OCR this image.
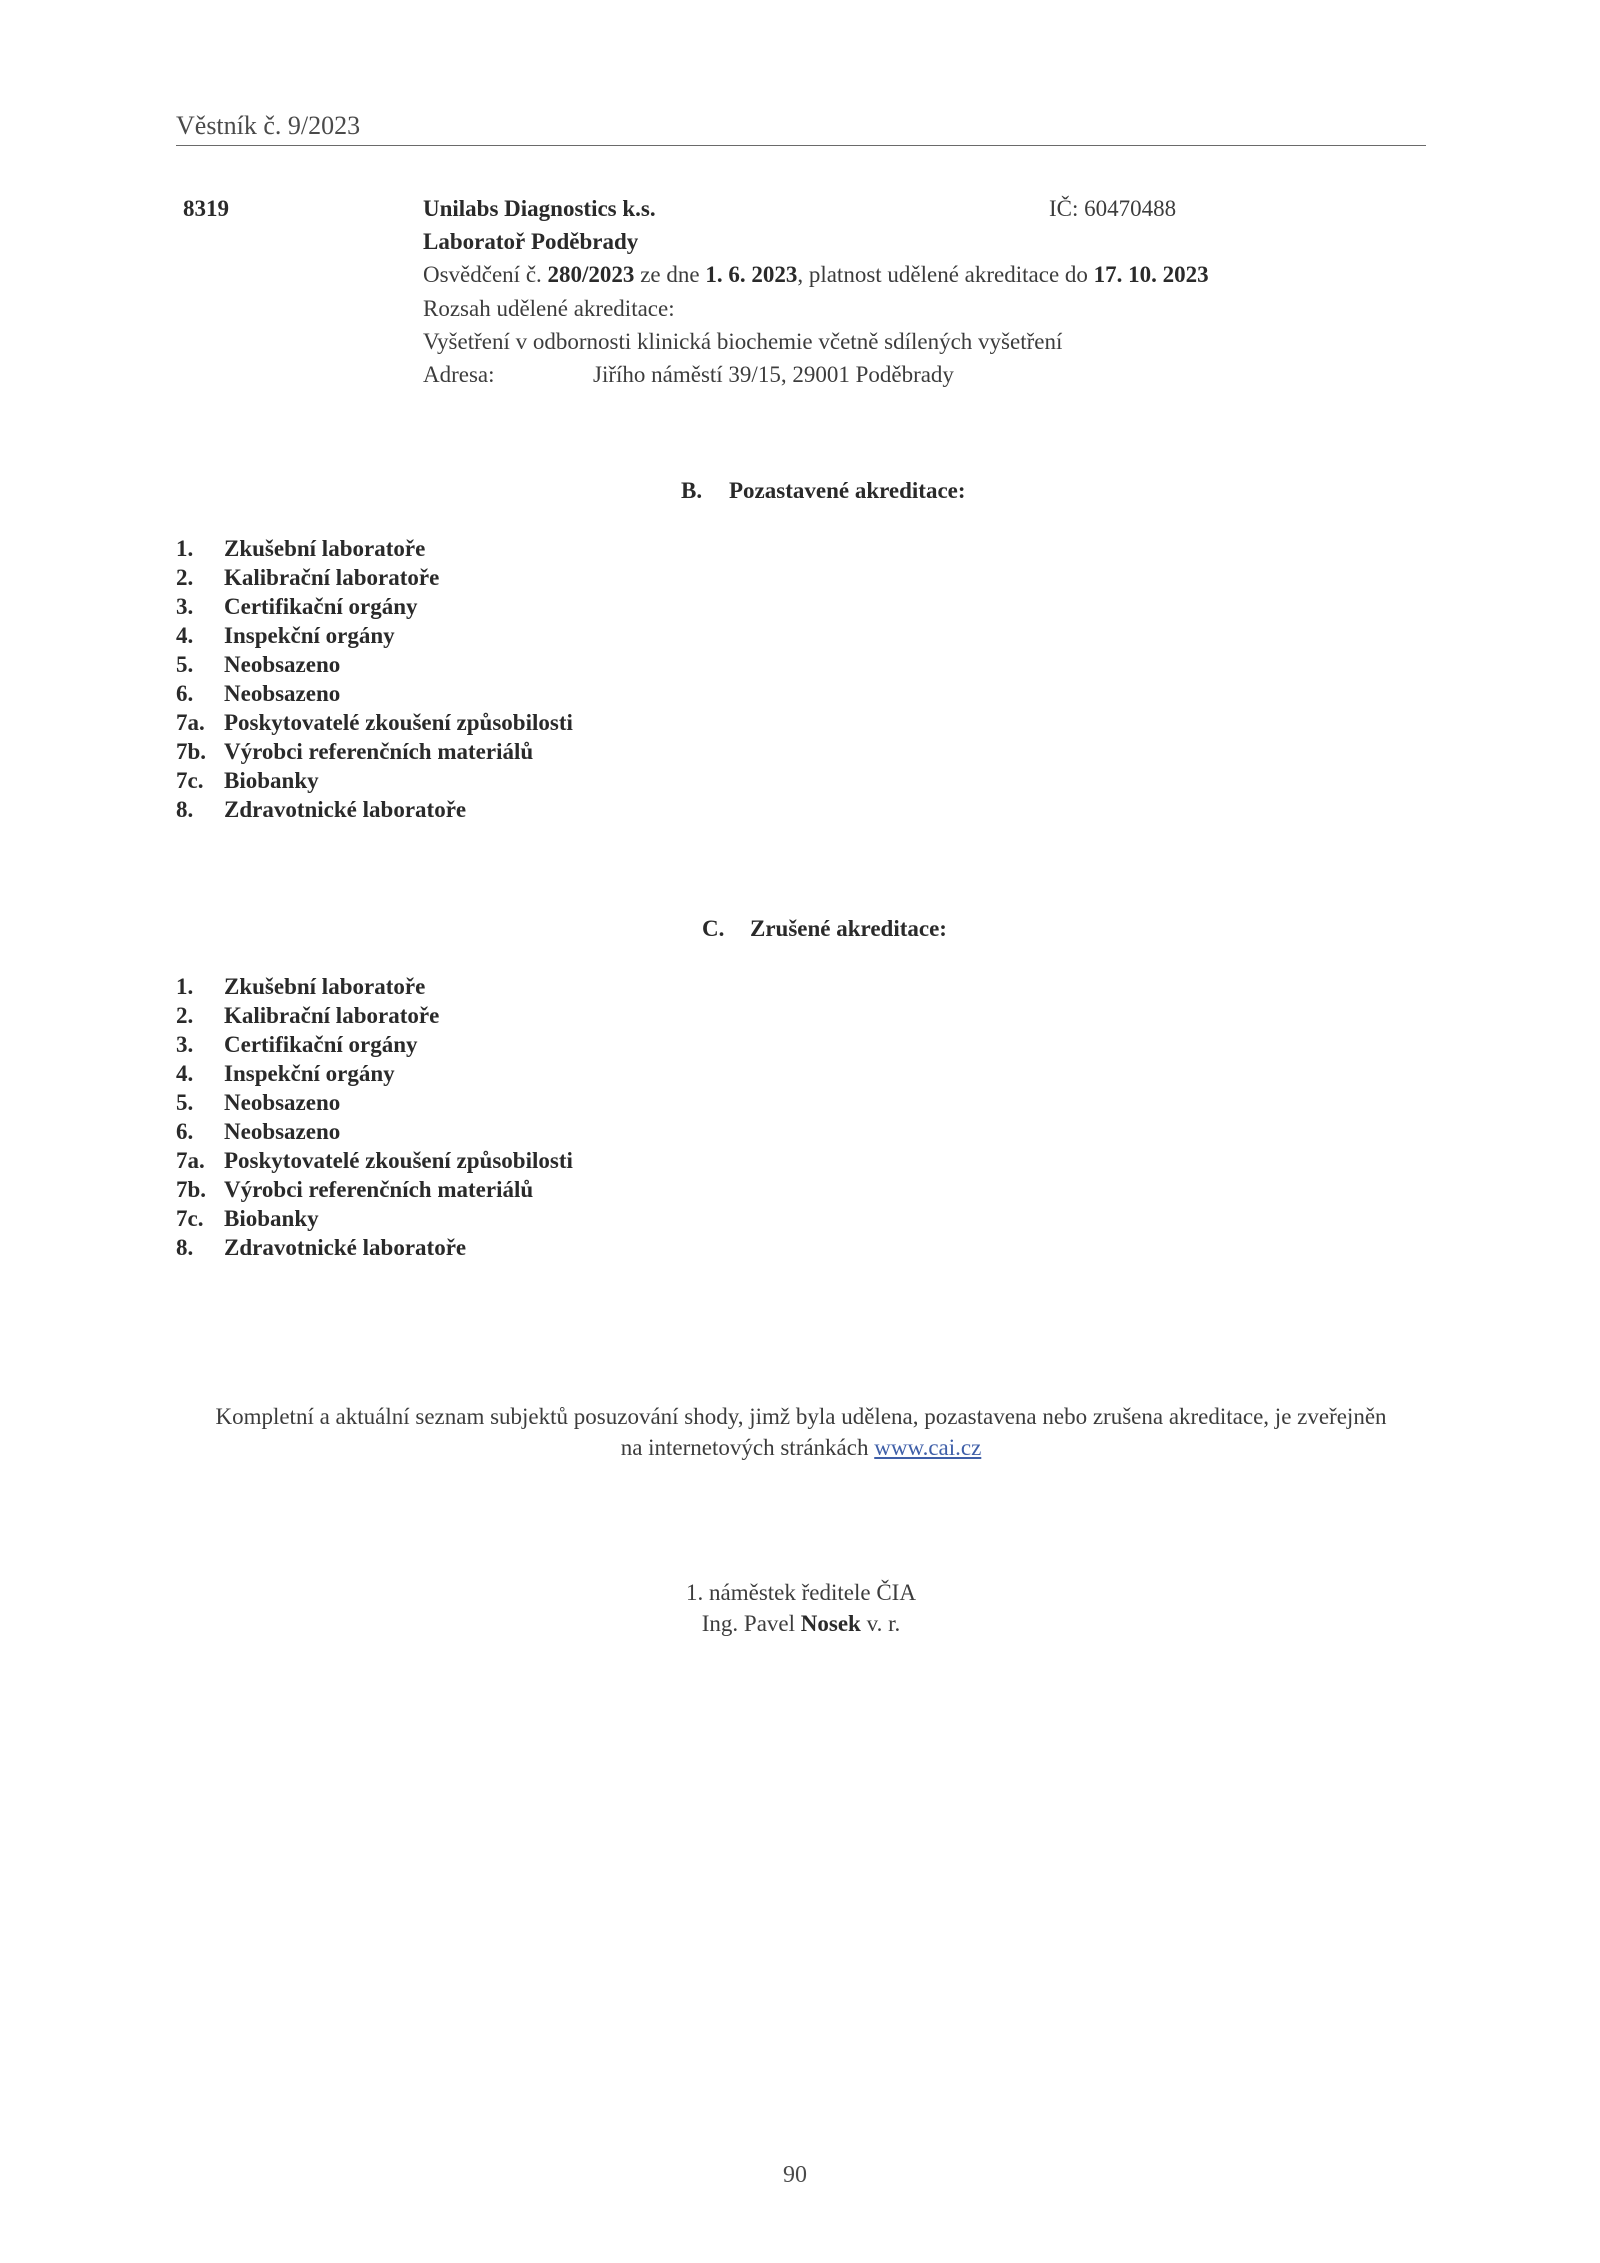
Věstník č. 9/2023
8319	Unilabs Diagnostics k.s.	IČ: 60470488
Laboratoř Poděbrady
Osvědčení č. 280/2023 ze dne 1. 6. 2023, platnost udělené akreditace do 17. 10. 2023
Rozsah udělené akreditace:
Vyšetření v odbornosti klinická biochemie včetně sdílených vyšetření
Adresa:	Jiřího náměstí 39/15, 29001 Poděbrady
B. Pozastavené akreditace:
1. Zkušební laboratoře
2. Kalibrační laboratoře
3. Certifikační orgány
4. Inspekční orgány
5. Neobsazeno
6. Neobsazeno
7a. Poskytovatelé zkoušení způsobilosti
7b. Výrobci referenčních materiálů
7c. Biobanky
8. Zdravotnické laboratoře
C. Zrušené akreditace:
1. Zkušební laboratoře
2. Kalibrační laboratoře
3. Certifikační orgány
4. Inspekční orgány
5. Neobsazeno
6. Neobsazeno
7a. Poskytovatelé zkoušení způsobilosti
7b. Výrobci referenčních materiálů
7c. Biobanky
8. Zdravotnické laboratoře
Kompletní a aktuální seznam subjektů posuzování shody, jimž byla udělena, pozastavena nebo zrušena akreditace, je zveřejněn
na internetových stránkách www.cai.cz
1. náměstek ředitele ČIA
Ing. Pavel Nosek v. r.
90
